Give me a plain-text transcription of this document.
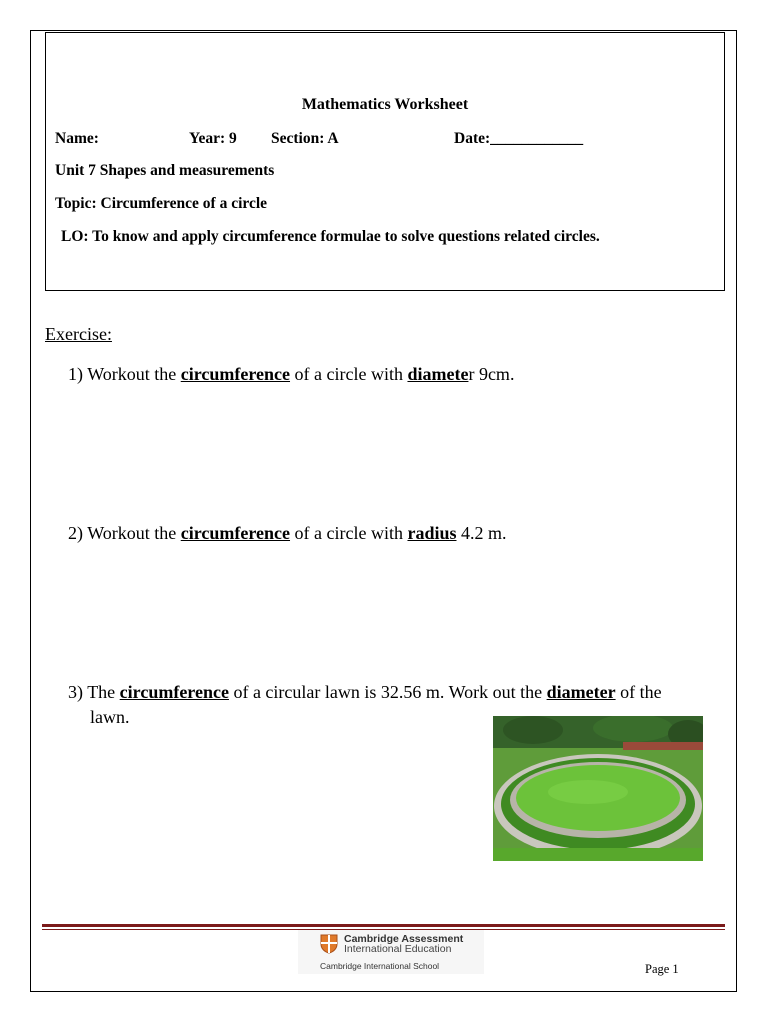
Mathematics Worksheet
Name:	Year: 9 Section: A	Date:____________
Unit 7 Shapes and measurements
Topic: Circumference of a circle
LO: To know and apply circumference formulae to solve questions related circles.
Exercise:
1) Workout the circumference of a circle with diameter 9cm.
2) Workout the circumference of a circle with radius 4.2 m.
3) The circumference of a circular lawn is 32.56 m. Work out the diameter of the
lawn.
Cambridge Assessment
International Education
Cambridge International School	Page 1
